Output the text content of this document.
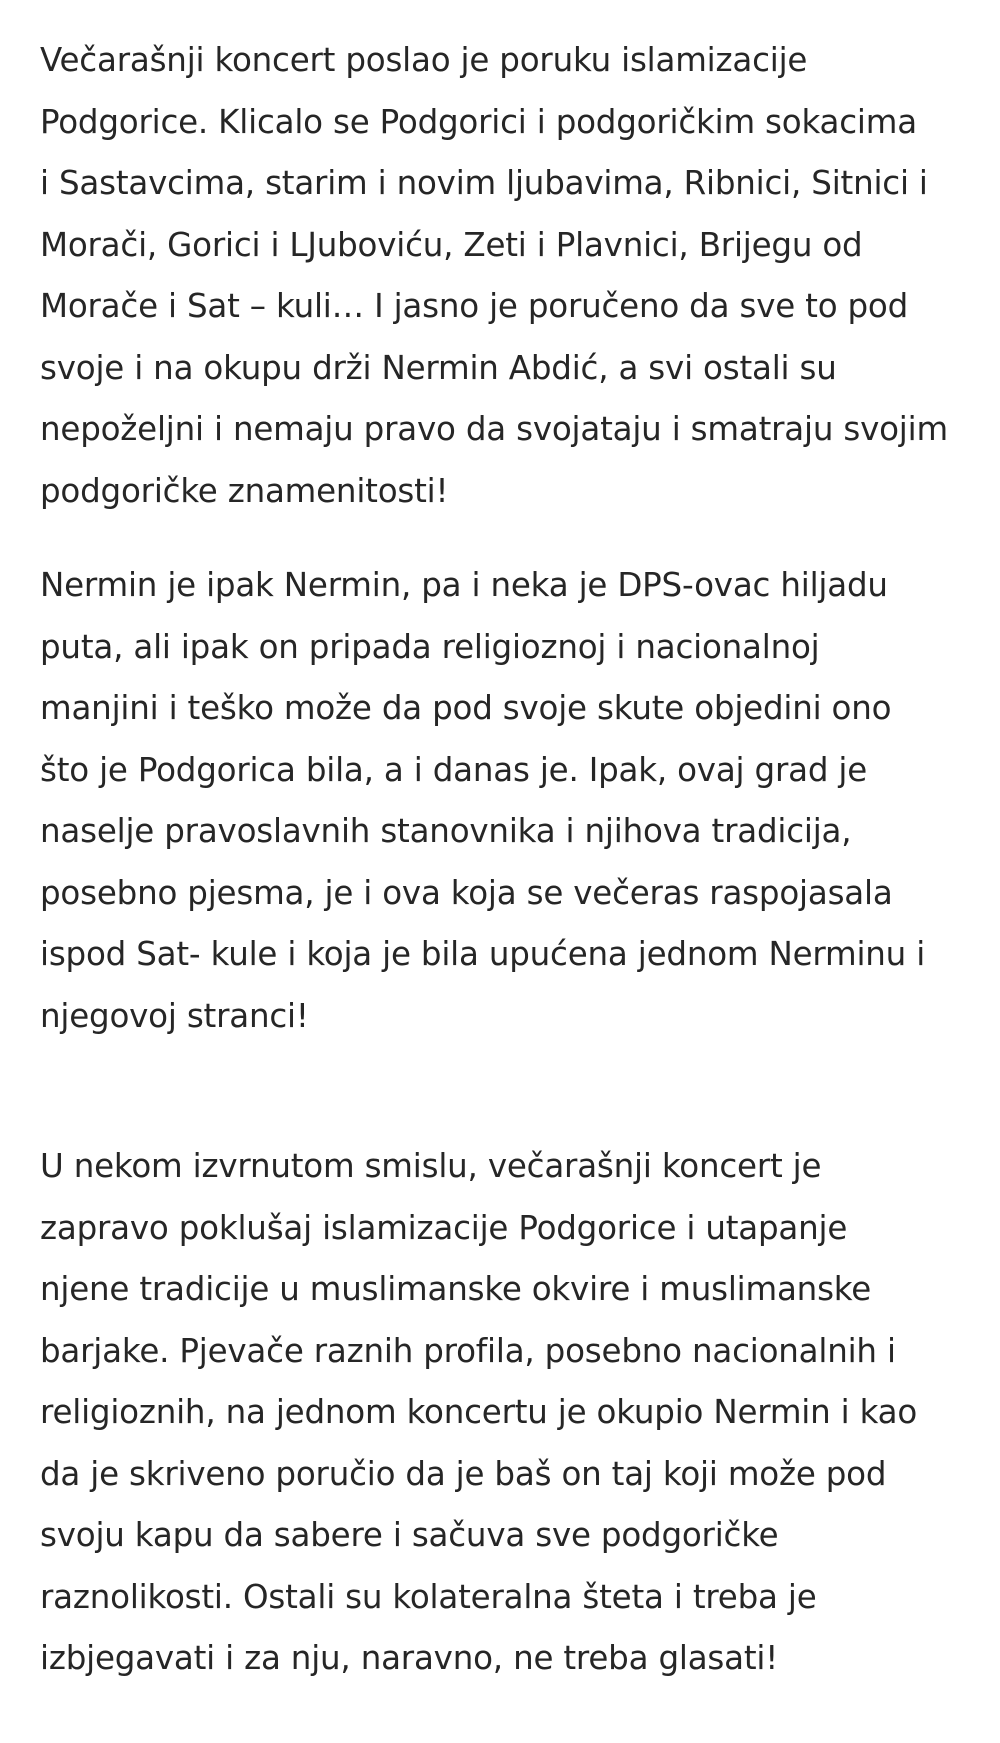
Večarašnji koncert poslao je poruku islamizacije
Podgorice. Klicalo se Podgorici i podgoričkim sokacima
i Sastavcima, starim i novim ljubavima, Ribnici, Sitnici i
Morači, Gorici i LJuboviću, Zeti i Plavnici, Brijegu od
Morače i Sat – kuli… I jasno je poručeno da sve to pod
svoje i na okupu drži Nermin Abdić, a svi ostali su
nepoželjni i nemaju pravo da svojataju i smatraju svojim
podgoričke znamenitosti!

Nermin je ipak Nermin, pa i neka je DPS-ovac hiljadu
puta, ali ipak on pripada religioznoj i nacionalnoj
manjini i teško može da pod svoje skute objedini ono
što je Podgorica bila, a i danas je. Ipak, ovaj grad je
naselje pravoslavnih stanovnika i njihova tradicija,
posebno pjesma, je i ova koja se večeras raspojasala
ispod Sat- kule i koja je bila upućena jednom Nerminu i
njegovoj stranci!

U nekom izvrnutom smislu, večarašnji koncert je
zapravo poklušaj islamizacije Podgorice i utapanje
njene tradicije u muslimanske okvire i muslimanske
barjake. Pjevače raznih profila, posebno nacionalnih i
religioznih, na jednom koncertu je okupio Nermin i kao
da je skriveno poručio da je baš on taj koji može pod
svoju kapu da sabere i sačuva sve podgoričke
raznolikosti. Ostali su kolateralna šteta i treba je
izbjegavati i za nju, naravno, ne treba glasati!
